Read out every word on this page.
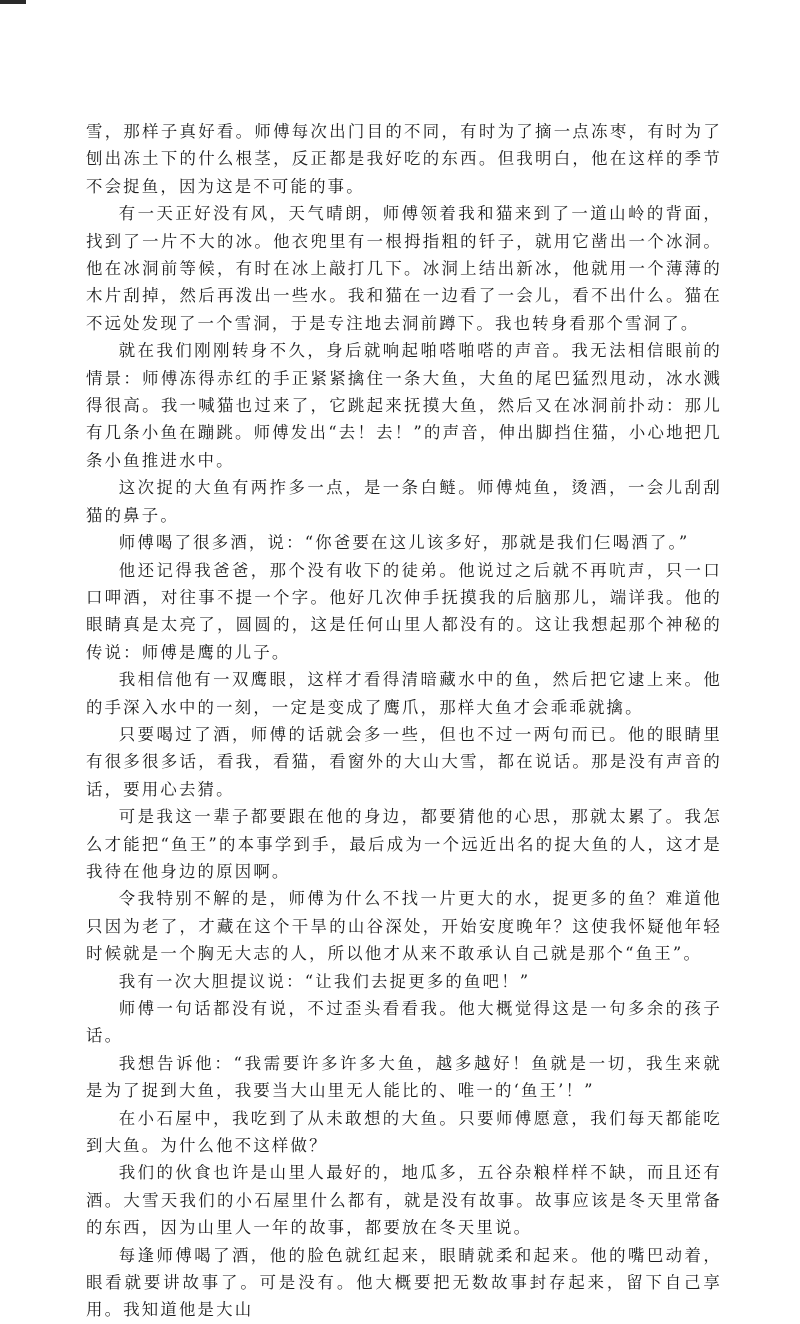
雪，那样子真好看。师傅每次出门目的不同，有时为了摘一点冻枣，有时为了刨出冻土下的什么根茎，反正都是我好吃的东西。但我明白，他在这样的季节不会捉鱼，因为这是不可能的事。

有一天正好没有风，天气晴朗，师傅领着我和猫来到了一道山岭的背面，找到了一片不大的冰。他衣兜里有一根拇指粗的钎子，就用它凿出一个冰洞。他在冰洞前等候，有时在冰上敲打几下。冰洞上结出新冰，他就用一个薄薄的木片刮掉，然后再泼出一些水。我和猫在一边看了一会儿，看不出什么。猫在不远处发现了一个雪洞，于是专注地去洞前蹲下。我也转身看那个雪洞了。

就在我们刚刚转身不久，身后就响起啪嗒啪嗒的声音。我无法相信眼前的情景：师傅冻得赤红的手正紧紧擒住一条大鱼，大鱼的尾巴猛烈甩动，冰水溅得很高。我一喊猫也过来了，它跳起来抚摸大鱼，然后又在冰洞前扑动：那儿有几条小鱼在蹦跳。师傅发出“去！去！”的声音，伸出脚挡住猫，小心地把几条小鱼推进水中。

这次捉的大鱼有两拃多一点，是一条白鲢。师傅炖鱼，烫酒，一会儿刮刮猫的鼻子。

师傅喝了很多酒，说：“你爸要在这儿该多好，那就是我们仨喝酒了。”

他还记得我爸爸，那个没有收下的徒弟。他说过之后就不再吭声，只一口口呷酒，对往事不提一个字。他好几次伸手抚摸我的后脑那儿，端详我。他的眼睛真是太亮了，圆圆的，这是任何山里人都没有的。这让我想起那个神秘的传说：师傅是鹰的儿子。

我相信他有一双鹰眼，这样才看得清暗藏水中的鱼，然后把它逮上来。他的手深入水中的一刻，一定是变成了鹰爪，那样大鱼才会乖乖就擒。

只要喝过了酒，师傅的话就会多一些，但也不过一两句而已。他的眼睛里有很多很多话，看我，看猫，看窗外的大山大雪，都在说话。那是没有声音的话，要用心去猜。

可是我这一辈子都要跟在他的身边，都要猜他的心思，那就太累了。我怎么才能把“鱼王”的本事学到手，最后成为一个远近出名的捉大鱼的人，这才是我待在他身边的原因啊。

令我特别不解的是，师傅为什么不找一片更大的水，捉更多的鱼？难道他只因为老了，才藏在这个干旱的山谷深处，开始安度晚年？这使我怀疑他年轻时候就是一个胸无大志的人，所以他才从来不敢承认自己就是那个“鱼王”。

我有一次大胆提议说：“让我们去捉更多的鱼吧！”

师傅一句话都没有说，不过歪头看看我。他大概觉得这是一句多余的孩子话。

我想告诉他：“我需要许多许多大鱼，越多越好！鱼就是一切，我生来就是为了捉到大鱼，我要当大山里无人能比的、唯一的‘鱼王’！”

在小石屋中，我吃到了从未敢想的大鱼。只要师傅愿意，我们每天都能吃到大鱼。为什么他不这样做？

我们的伙食也许是山里人最好的，地瓜多，五谷杂粮样样不缺，而且还有酒。大雪天我们的小石屋里什么都有，就是没有故事。故事应该是冬天里常备的东西，因为山里人一年的故事，都要放在冬天里说。

每逢师傅喝了酒，他的脸色就红起来，眼睛就柔和起来。他的嘴巴动着，眼看就要讲故事了。可是没有。他大概要把无数故事封存起来，留下自己享用。我知道他是大山
